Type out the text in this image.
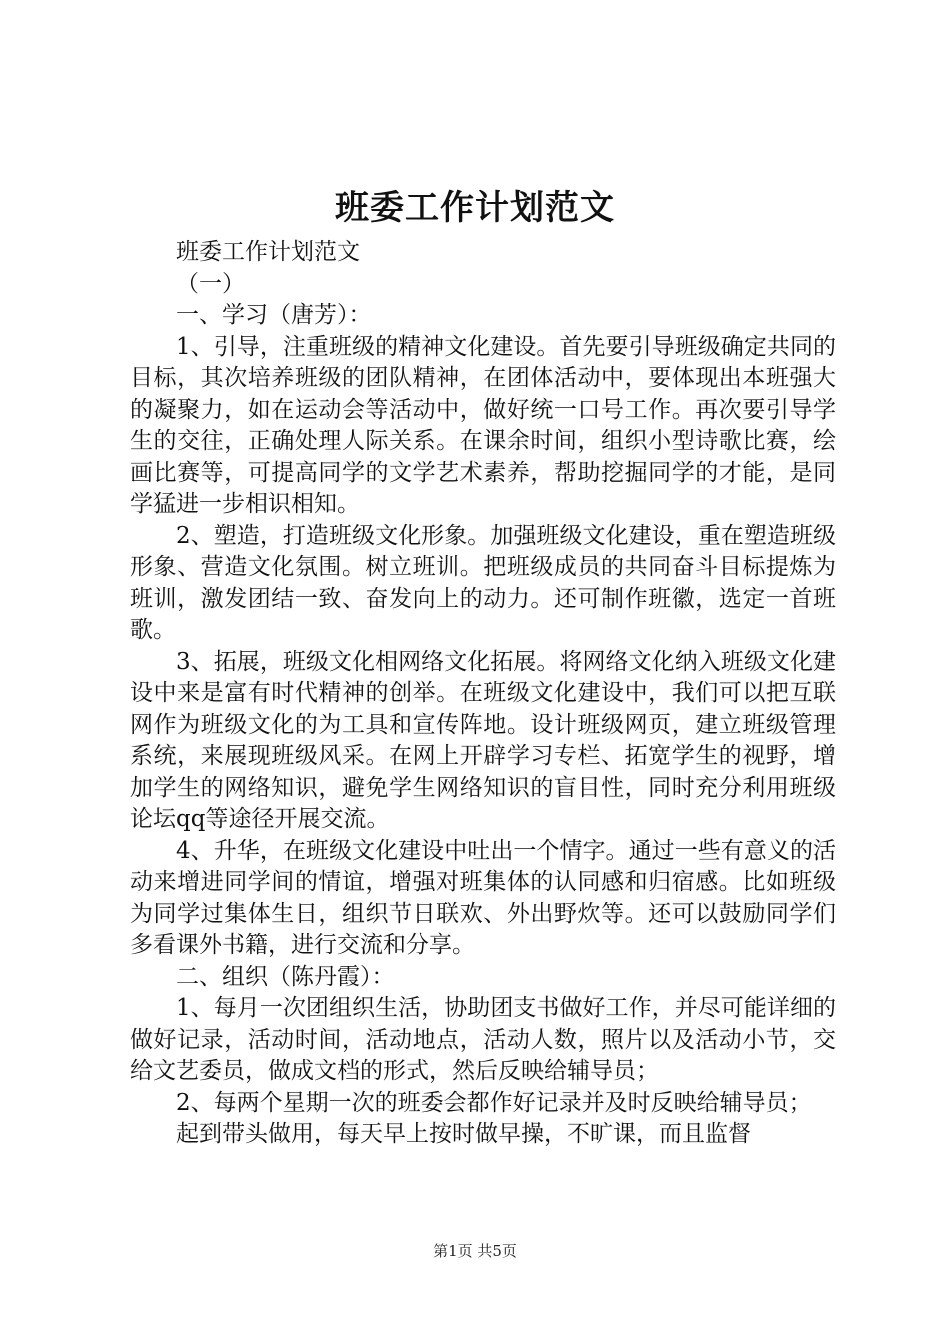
班委工作计划范文

班委工作计划范文

（一）

一、学习（唐芳）：

1、引导，注重班级的精神文化建设。首先要引导班级确定共同的目标，其次培养班级的团队精神，在团体活动中，要体现出本班强大的凝聚力，如在运动会等活动中，做好统一口号工作。再次要引导学生的交往，正确处理人际关系。在课余时间，组织小型诗歌比赛，绘画比赛等，可提高同学的文学艺术素养，帮助挖掘同学的才能，是同学猛进一步相识相知。

2、塑造，打造班级文化形象。加强班级文化建设，重在塑造班级形象、营造文化氛围。树立班训。把班级成员的共同奋斗目标提炼为班训，激发团结一致、奋发向上的动力。还可制作班徽，选定一首班歌。

3、拓展，班级文化相网络文化拓展。将网络文化纳入班级文化建设中来是富有时代精神的创举。在班级文化建设中，我们可以把互联网作为班级文化的为工具和宣传阵地。设计班级网页，建立班级管理系统，来展现班级风采。在网上开辟学习专栏、拓宽学生的视野，增加学生的网络知识，避免学生网络知识的盲目性，同时充分利用班级论坛qq等途径开展交流。

4、升华，在班级文化建设中吐出一个情字。通过一些有意义的活动来增进同学间的情谊，增强对班集体的认同感和归宿感。比如班级为同学过集体生日，组织节日联欢、外出野炊等。还可以鼓励同学们多看课外书籍，进行交流和分享。

二、组织（陈丹霞）：

1、每月一次团组织生活，协助团支书做好工作，并尽可能详细的做好记录，活动时间，活动地点，活动人数，照片以及活动小节，交给文艺委员，做成文档的形式，然后反映给辅导员；

2、每两个星期一次的班委会都作好记录并及时反映给辅导员；

起到带头做用，每天早上按时做早操，不旷课，而且监督

第1页 共5页
